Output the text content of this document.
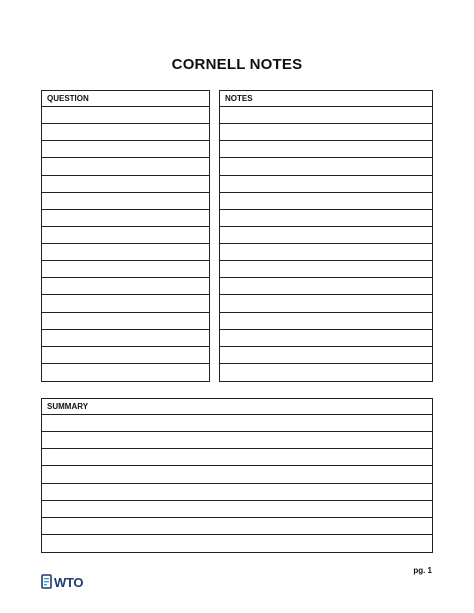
CORNELL NOTES
QUESTION	NOTES
SUMMARY
WTO
pg. 1
